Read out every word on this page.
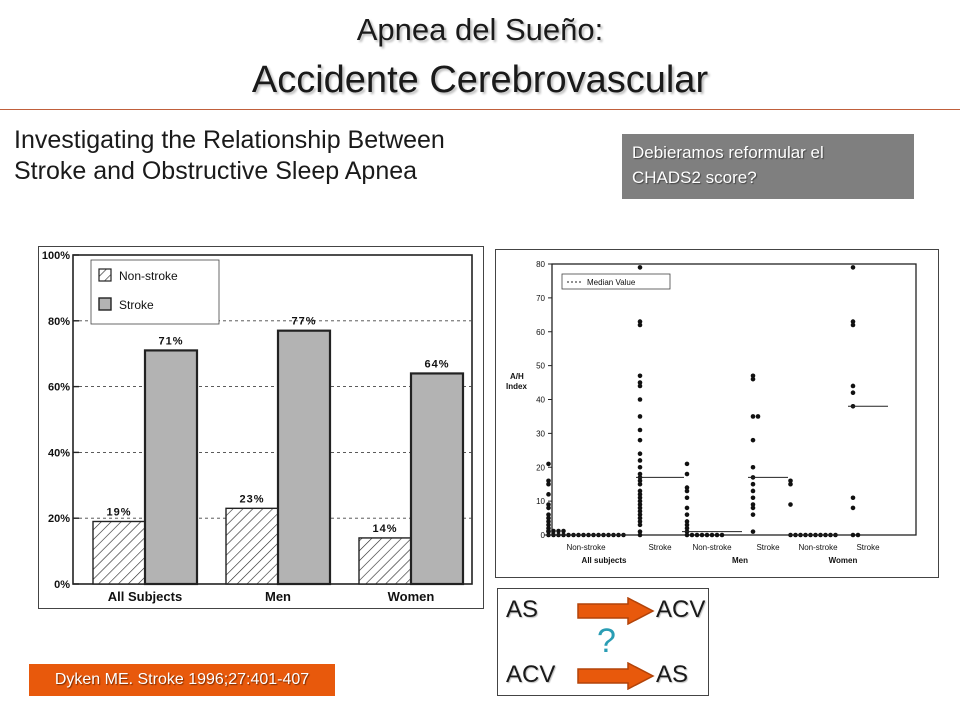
Apnea del Sueño:
Accidente Cerebrovascular
Investigating the Relationship Between
Stroke and Obstructive Sleep Apnea
Debieramos reformular el
CHADS2 score?
0%
20%
40%
60%
80%
100%
19%
71%
All Subjects
23%
77%
Men
14%
64%
Women
Non-stroke
Stroke
0
10
20
30
40
50
60
70
80
A/H
Index
Median Value
Non-stroke	Stroke	Non-stroke	Stroke Non-stroke Stroke
All subjects	Men	Women
Dyken ME. Stroke 1996;27:401-407
AS	ACV
?
ACV	AS
